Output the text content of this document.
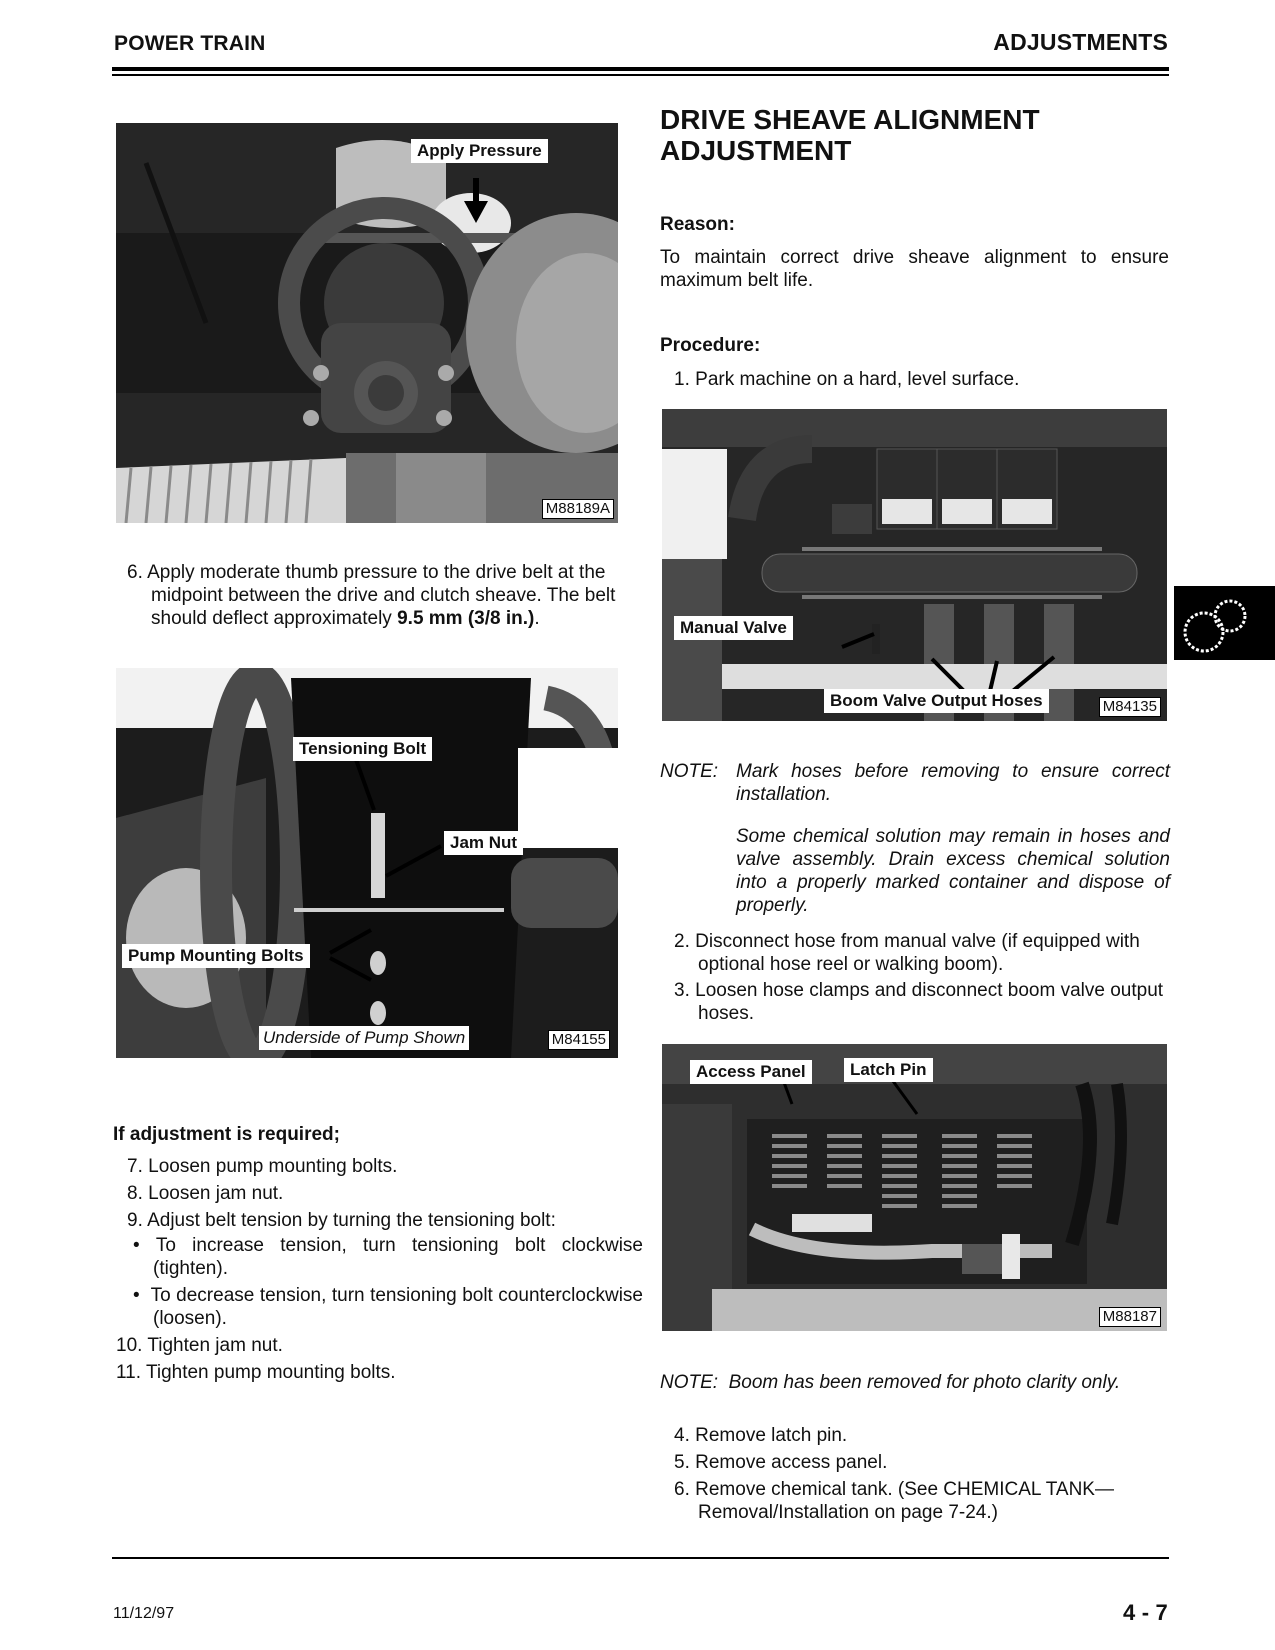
POWER TRAIN	ADJUSTMENTS
Apply Pressure
M88189A
6. Apply moderate thumb pressure to the drive belt at the midpoint between the drive and clutch sheave. The belt should deflect approximately 9.5 mm (3/8 in.).
Tensioning Bolt
Jam Nut
Pump Mounting Bolts
Underside of Pump Shown	M84155
If adjustment is required;
7. Loosen pump mounting bolts.
8. Loosen jam nut.
9. Adjust belt tension by turning the tensioning bolt:
• To increase tension, turn tensioning bolt clockwise (tighten).
•  To decrease tension, turn tensioning bolt counterclockwise (loosen).
10. Tighten jam nut.
11. Tighten pump mounting bolts.
DRIVE SHEAVE ALIGNMENT
ADJUSTMENT
Reason:
To maintain correct drive sheave alignment to ensure maximum belt life.
Procedure:
1. Park machine on a hard, level surface.
Manual Valve
Boom Valve Output Hoses	M84135
NOTE: Mark hoses before removing to ensure correct installation.
Some chemical solution may remain in hoses and valve assembly. Drain excess chemical solution into a properly marked container and dispose of properly.
2. Disconnect hose from manual valve (if equipped with optional hose reel or walking boom).
3. Loosen hose clamps and disconnect boom valve output hoses.
Access Panel	Latch Pin
M88187
NOTE: Boom has been removed for photo clarity only.
4. Remove latch pin.
5. Remove access panel.
6. Remove chemical tank. (See CHEMICAL TANK—Removal/Installation on page 7-24.)
11/12/97	4 - 7
